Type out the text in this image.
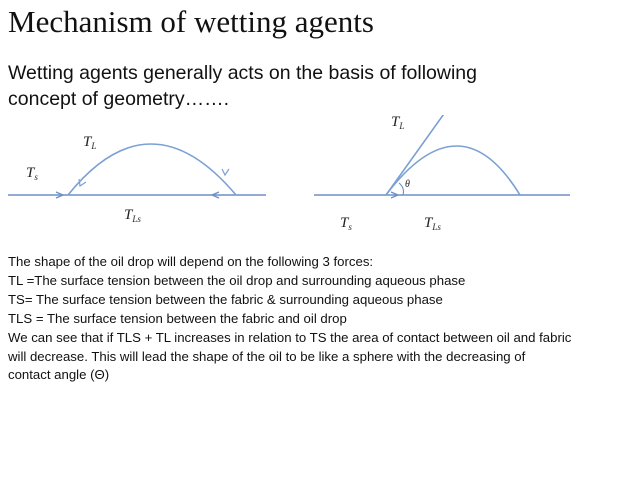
Mechanism of wetting agents
Wetting agents generally acts on the basis of following
concept of geometry…….
$T_L$
$T_s$
$T_{Ls}$
$T_L$
θ
$T_s$	$T_{Ls}$

The shape of the oil drop will depend on the following 3 forces:

TL =The surface tension between the oil drop and surrounding aqueous phase

TS= The surface tension between the fabric & surrounding aqueous phase

TLS = The surface tension between the fabric and oil drop

We can see that if TLS + TL increases in relation to TS the area of contact between oil and fabric

will decrease. This will lead the shape of the oil to be like a sphere with the decreasing of

contact angle (Θ)
